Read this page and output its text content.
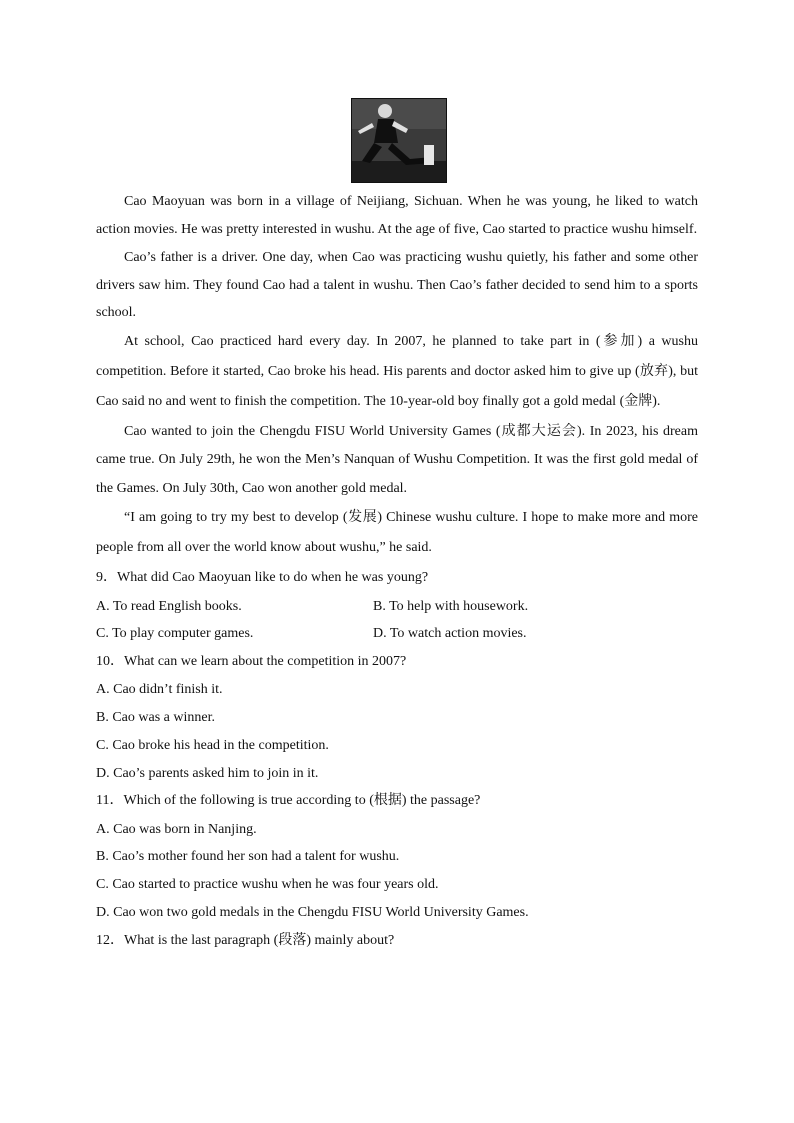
Cao Maoyuan was born in a village of Neijiang, Sichuan. When he was young, he liked to watch action movies. He was pretty interested in wushu. At the age of five, Cao started to practice wushu himself.

Cao’s father is a driver. One day, when Cao was practicing wushu quietly, his father and some other drivers saw him. They found Cao had a talent in wushu. Then Cao’s father decided to send him to a sports school.

At school, Cao practiced hard every day. In 2007, he planned to take part in (参加) a wushu competition. Before it started, Cao broke his head. His parents and doctor asked him to give up (放弃), but Cao said no and went to finish the competition. The 10-year-old boy finally got a gold medal (金牌).

Cao wanted to join the Chengdu FISU World University Games (成都大运会). In 2023, his dream came true. On July 29th, he won the Men’s Nanquan of Wushu Competition. It was the first gold medal of the Games. On July 30th, Cao won another gold medal.

“I am going to try my best to develop (发展) Chinese wushu culture. I hope to make more and more people from all over the world know about wushu,” he said.

9．What did Cao Maoyuan like to do when he was young?

A. To read English books.	B. To help with housework.
C. To play computer games.	D. To watch action movies.

10．What can we learn about the competition in 2007?

A. Cao didn’t finish it.

B. Cao was a winner.

C. Cao broke his head in the competition.

D. Cao’s parents asked him to join in it.

11．Which of the following is true according to (根据) the passage?

A. Cao was born in Nanjing.

B. Cao’s mother found her son had a talent for wushu.

C. Cao started to practice wushu when he was four years old.

D. Cao won two gold medals in the Chengdu FISU World University Games.

12．What is the last paragraph (段落) mainly about?
